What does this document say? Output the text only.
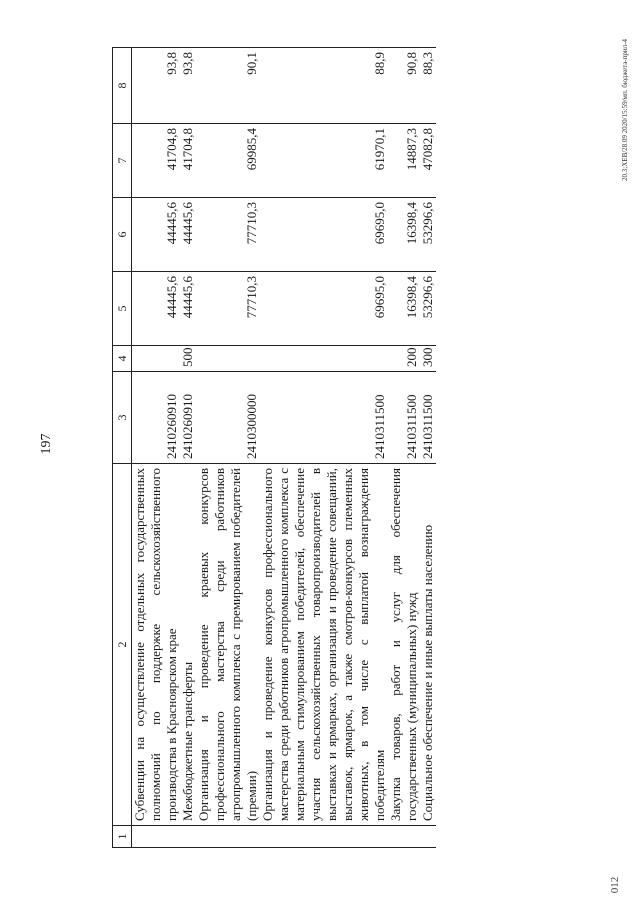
197
20.3;XEB/28.09 2020/15:59/мп. бюджета-прил-4
012
1	2	3	4	5	6	7	8
	Субвенции на осуществление отдельных государственных полномочий по поддержке сельскохозяйственного производства в Красноярском крае	2410260910		44445,6	44445,6	41704,8	93,8
	Межбюджетные трансферты	2410260910	500	44445,6	44445,6	41704,8	93,8
	Организация и проведение краевых конкурсов профессионального мастерства среди работников агропромышленного комплекса с премированием победителей (премии)	2410300000		77710,3	77710,3	69985,4	90,1
	Организация и проведение конкурсов профессионального мастерства среди работников агропромышленного комплекса с материальным стимулированием победителей, обеспечение участия сельскохозяйственных товаропроизводителей в выставках и ярмарках, организация и проведение совещаний, выставок, ярмарок, а также смотров-конкурсов племенных животных, в том числе с выплатой вознаграждения победителям	2410311500		69695,0	69695,0	61970,1	88,9
	Закупка товаров, работ и услуг для обеспечения государственных (муниципальных) нужд	2410311500	200	16398,4	16398,4	14887,3	90,8
	Социальное обеспечение и иные выплаты населению	2410311500	300	53296,6	53296,6	47082,8	88,3
